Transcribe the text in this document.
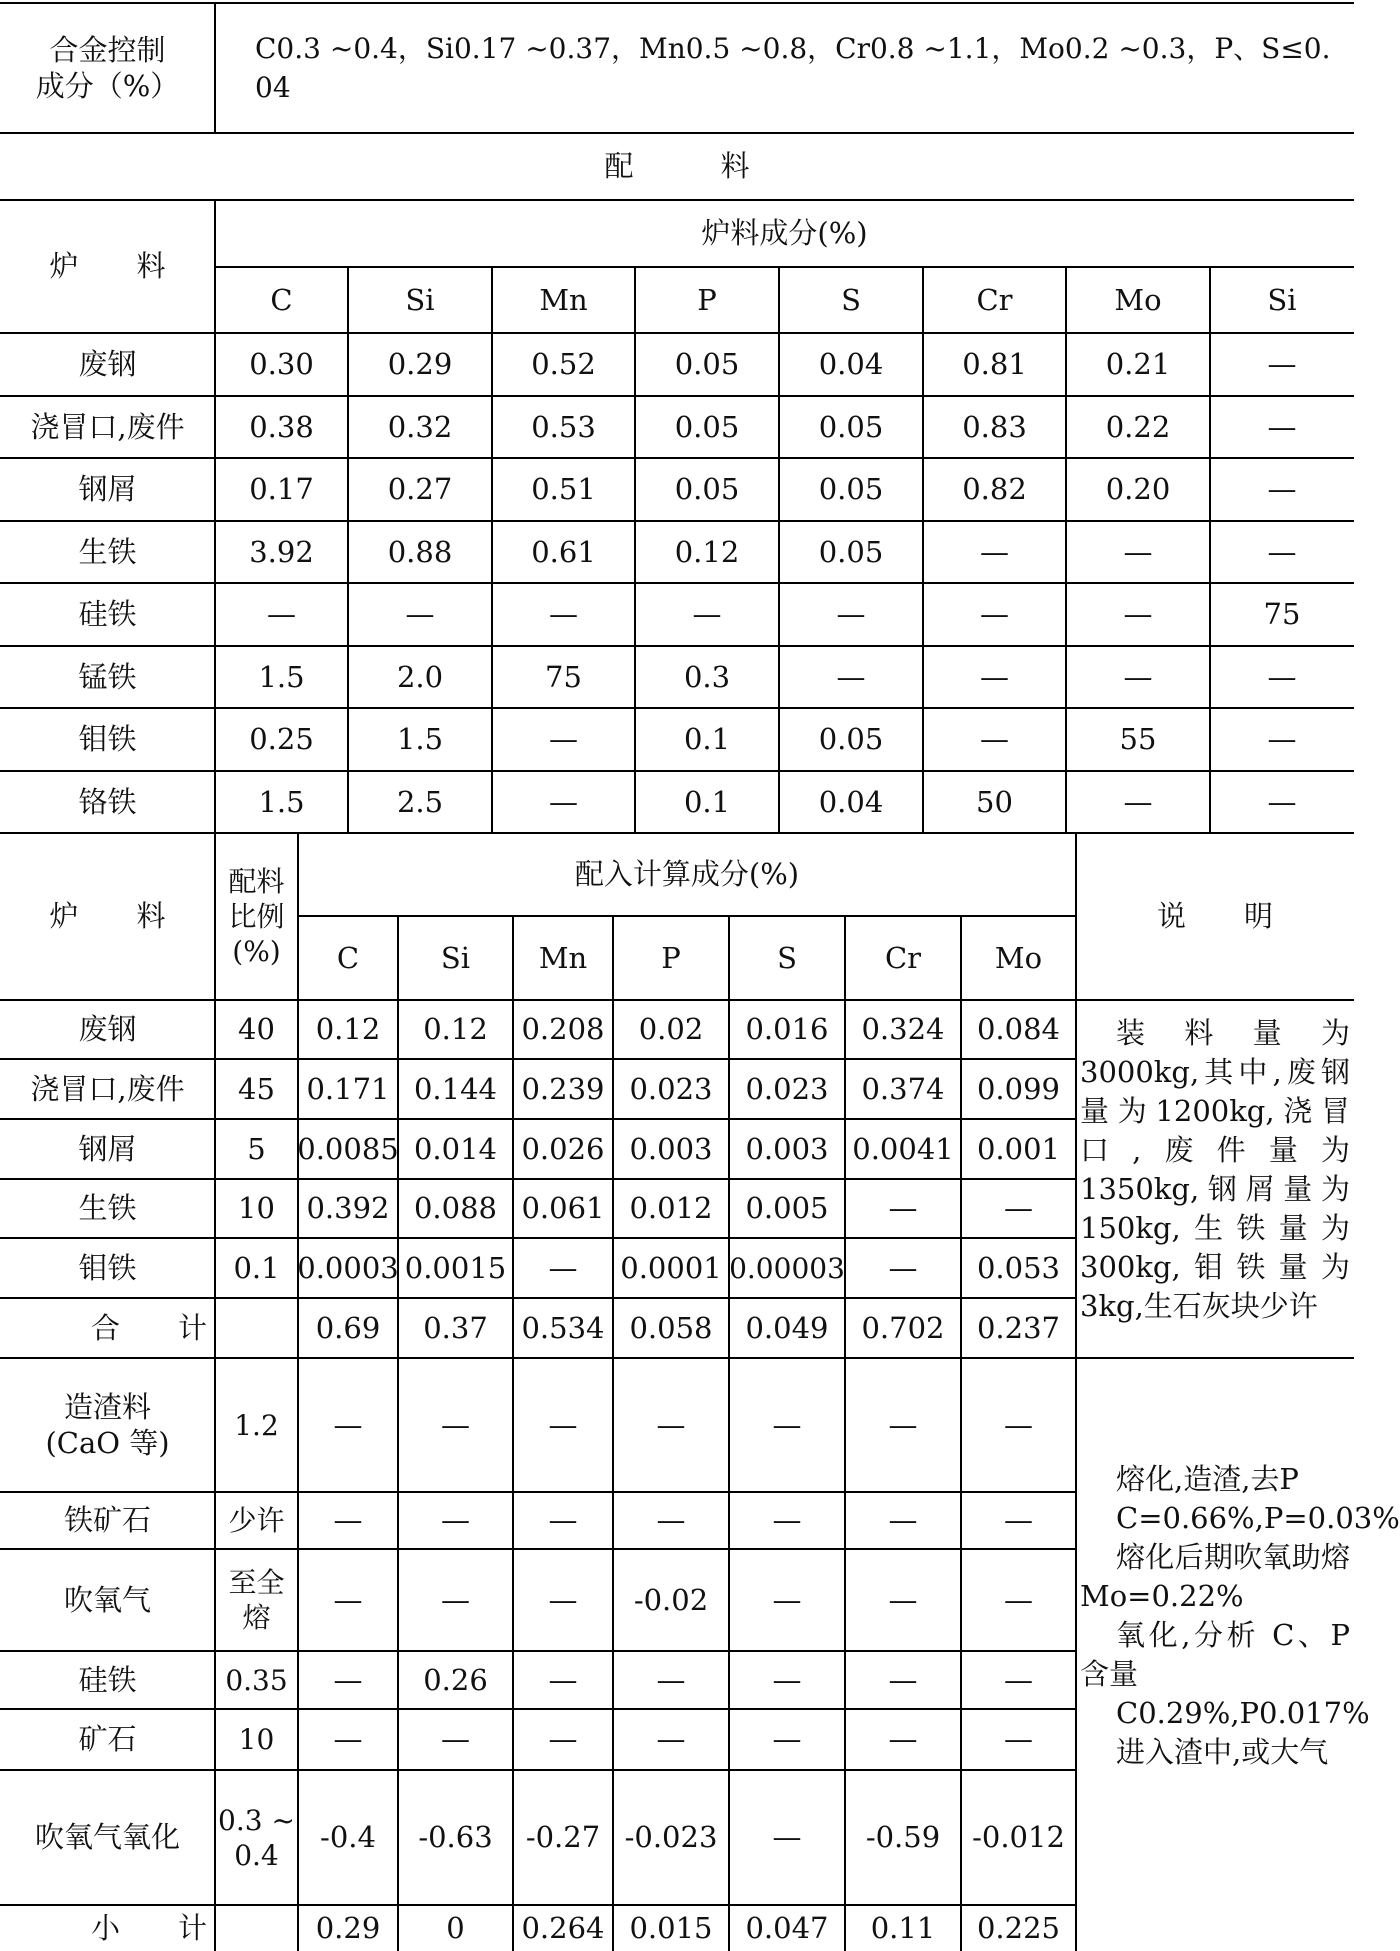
合金控制
成分（%）
C0.3 ~0.4，Si0.17 ~0.37，Mn0.5 ~0.8，Cr0.8 ~1.1，Mo0.2 ~0.3，P、S≤0.04
配　　　料
炉　　料
炉料成分(%)
C	Si	Mn	P	S	Cr	Mo	Si
废钢	0.30	0.29	0.52	0.05	0.04	0.81	0.21	—
浇冒口,废件	0.38	0.32	0.53	0.05	0.05	0.83	0.22	—
钢屑	0.17	0.27	0.51	0.05	0.05	0.82	0.20	—
生铁	3.92	0.88	0.61	0.12	0.05	—	—	—
硅铁	—	—	—	—	—	—	—	75
锰铁	1.5	2.0	75	0.3	—	—	—	—
钼铁	0.25	1.5	—	0.1	0.05	—	55	—
铬铁	1.5	2.5	—	0.1	0.04	50	—	—
炉　　料
配料
比例
(%)
配入计算成分(%)
说　　明
C	Si	Mn	P	S	Cr	Mo
废钢	40	0.12	0.12	0.208	0.02	0.016	0.324	0.084
浇冒口,废件	45	0.171 0.144 0.239 0.023	0.023	0.374	0.099
钢屑	5	0.0085 0.014 0.026 0.003	0.003 0.0041 0.001
生铁	10	0.392 0.088 0.061 0.012	0.005	—	—
钼铁	0.1 0.0003 0.0015	—	0.0001 0.00003	—	0.053
合　　计	0.69	0.37	0.534 0.058	0.049	0.702	0.237

装料量为3000kg,其中,废钢量为1200kg,浇冒口,废件量为1350kg,钢屑量为150kg,生铁量为300kg,钼铁量为3kg,生石灰块少许

造渣料
(CaO 等)
1.2	—	—	—	—	—	—	—
铁矿石	少许	—	—	—	—	—	—	—
吹氧气
至全
熔
—	—	—	-0.02	—	—	—
硅铁	0.35	—	0.26	—	—	—	—	—
矿石	10	—	—	—	—	—	—	—
吹氧气氧化
0.3 ~
0.4
-0.4	-0.63	-0.27 -0.023	—	-0.59	-0.012
小　　计	0.29	0	0.264 0.015	0.047	0.11	0.225

熔化,造渣,去P

C=0.66%,P=0.03%

熔化后期吹氧助熔 Mo=0.22%

氧化,分析 C、P 含量

C0.29%,P0.017%

进入渣中,或大气
